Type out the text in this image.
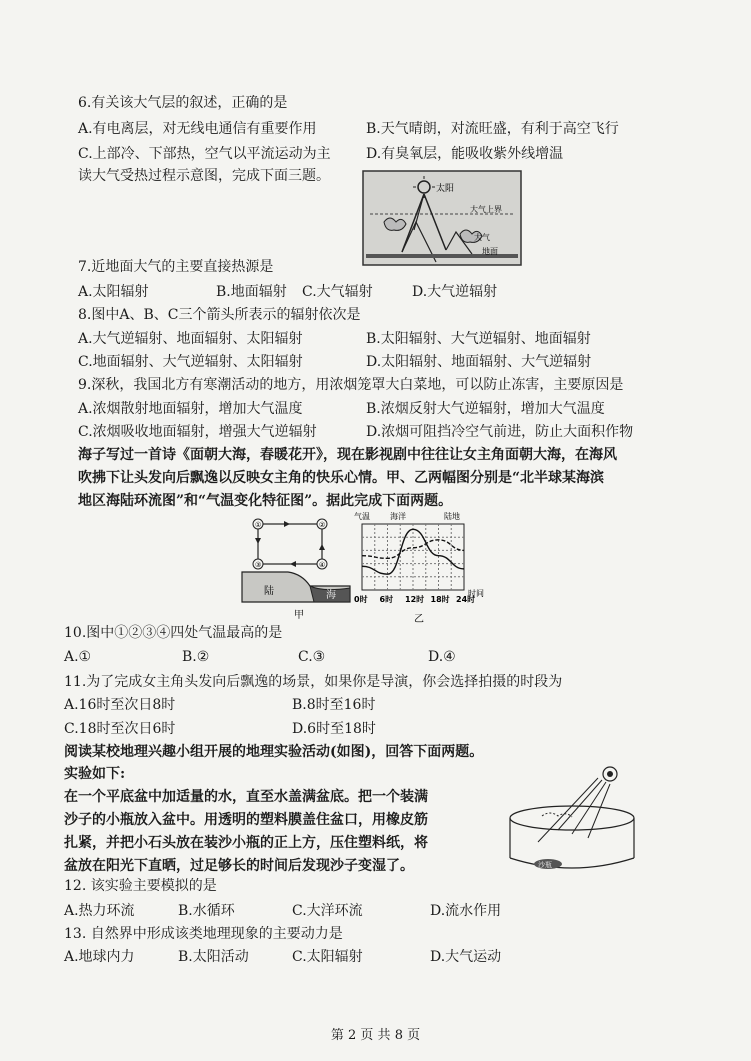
6.有关该大气层的叙述，正确的是
A.有电离层，对无线电通信有重要作用	B.天气晴朗，对流旺盛，有利于高空飞行
C.上部冷、下部热，空气以平流运动为主	D.有臭氧层，能吸收紫外线增温
读大气受热过程示意图，完成下面三题。
太阳
大气上界
大气
地面
7.近地面大气的主要直接热源是
A.太阳辐射	B.地面辐射 C.大气辐射	D.大气逆辐射
8.图中A、B、C三个箭头所表示的辐射依次是
A.大气逆辐射、地面辐射、太阳辐射	B.太阳辐射、大气逆辐射、地面辐射
C.地面辐射、大气逆辐射、太阳辐射	D.太阳辐射、地面辐射、大气逆辐射
9.深秋，我国北方有寒潮活动的地方，用浓烟笼罩大白菜地，可以防止冻害，主要原因是
A.浓烟散射地面辐射，增加大气温度	B.浓烟反射大气逆辐射，增加大气温度
C.浓烟吸收地面辐射，增强大气逆辐射	D.浓烟可阻挡冷空气前进，防止大面积作物
海子写过一首诗《面朝大海，春暖花开》，现在影视剧中往往让女主角面朝大海，在海风
吹拂下让头发向后飘逸以反映女主角的快乐心情。甲、乙两幅图分别是“北半球某海滨
地区海陆环流图”和“气温变化特征图”。据此完成下面两题。
①	②
③	④
陆	海
甲
气温	海洋	陆地
时间
0时 6时 12时 18时 24时
乙
10.图中①②③④四处气温最高的是
A.①	B.②	C.③	D.④
11.为了完成女主角头发向后飘逸的场景，如果你是导演，你会选择拍摄的时段为
A.16时至次日8时	B.8时至16时
C.18时至次日6时	D.6时至18时
阅读某校地理兴趣小组开展的地理实验活动(如图)，回答下面两题。
实验如下:
在一个平底盆中加适量的水，直至水盖满盆底。把一个装满
沙子的小瓶放入盆中。用透明的塑料膜盖住盆口，用橡皮筋
扎紧，并把小石头放在装沙小瓶的正上方，压住塑料纸，将
盆放在阳光下直晒，过足够长的时间后发现沙子变湿了。	沙瓶
12. 该实验主要模拟的是
A.热力环流	B.水循环	C.大洋环流	D.流水作用
13. 自然界中形成该类地理现象的主要动力是
A.地球内力	B.太阳活动	C.太阳辐射	D.大气运动
第 2 页 共 8 页
